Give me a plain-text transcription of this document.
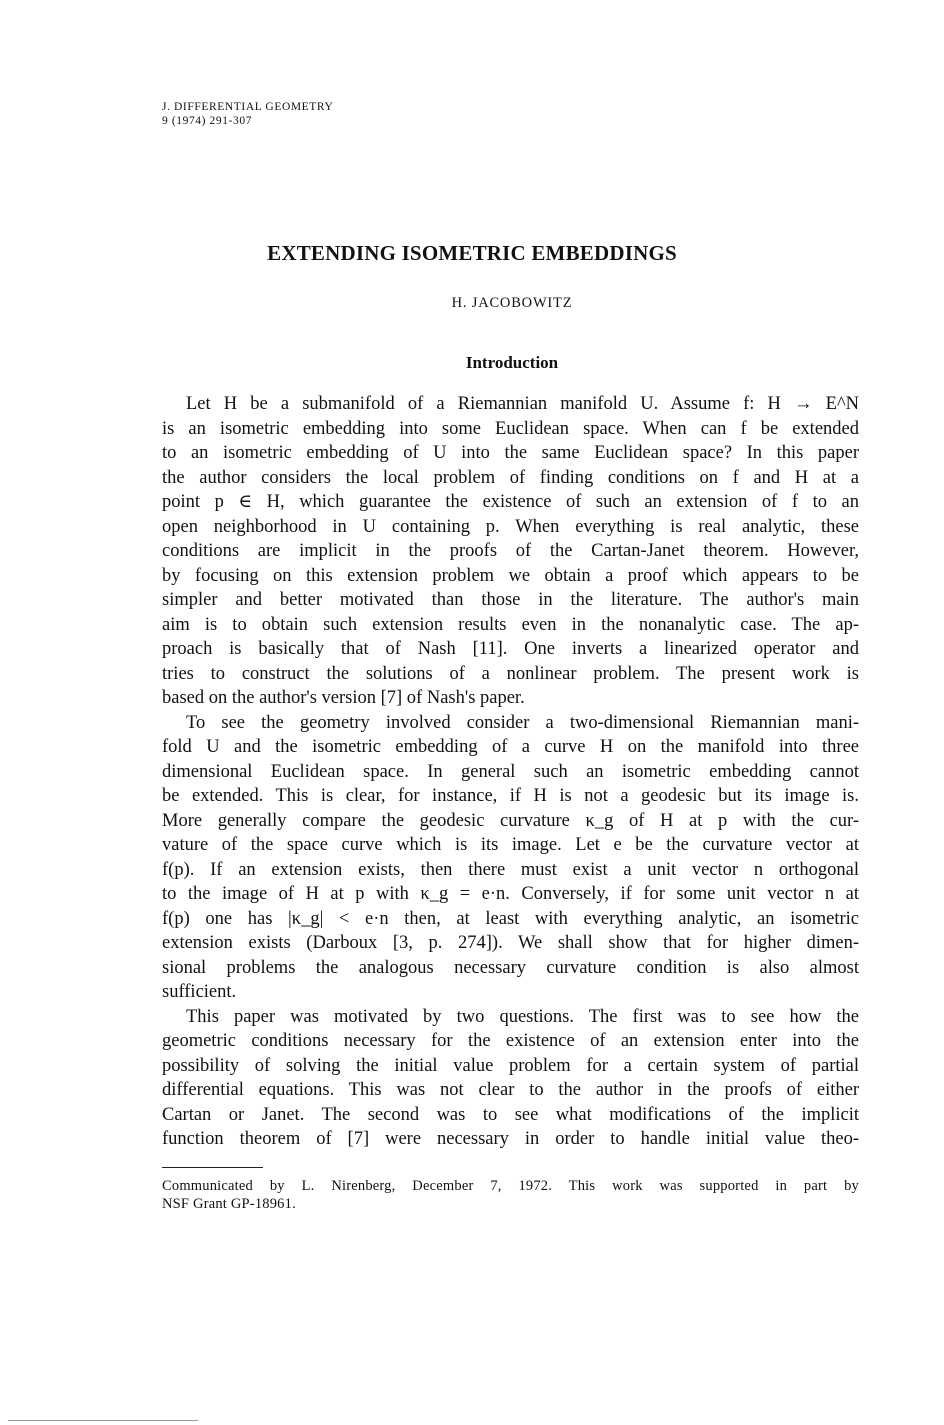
J. DIFFERENTIAL GEOMETRY
9 (1974) 291-307
EXTENDING ISOMETRIC EMBEDDINGS
H. JACOBOWITZ
Introduction
Let H be a submanifold of a Riemannian manifold U. Assume f: H → E^N
is an isometric embedding into some Euclidean space. When can f be extended
to an isometric embedding of U into the same Euclidean space? In this paper
the author considers the local problem of finding conditions on f and H at a
point p ∈ H, which guarantee the existence of such an extension of f to an
open neighborhood in U containing p. When everything is real analytic, these
conditions are implicit in the proofs of the Cartan-Janet theorem. However,
by focusing on this extension problem we obtain a proof which appears to be
simpler and better motivated than those in the literature. The author's main
aim is to obtain such extension results even in the nonanalytic case. The ap-
proach is basically that of Nash [11]. One inverts a linearized operator and
tries to construct the solutions of a nonlinear problem. The present work is
based on the author's version [7] of Nash's paper.
To see the geometry involved consider a two-dimensional Riemannian mani-
fold U and the isometric embedding of a curve H on the manifold into three
dimensional Euclidean space. In general such an isometric embedding cannot
be extended. This is clear, for instance, if H is not a geodesic but its image is.
More generally compare the geodesic curvature κ_g of H at p with the cur-
vature of the space curve which is its image. Let e be the curvature vector at
f(p). If an extension exists, then there must exist a unit vector n orthogonal
to the image of H at p with κ_g = e·n. Conversely, if for some unit vector n at
f(p) one has |κ_g| < e·n then, at least with everything analytic, an isometric
extension exists (Darboux [3, p. 274]). We shall show that for higher dimen-
sional problems the analogous necessary curvature condition is also almost
sufficient.
This paper was motivated by two questions. The first was to see how the
geometric conditions necessary for the existence of an extension enter into the
possibility of solving the initial value problem for a certain system of partial
differential equations. This was not clear to the author in the proofs of either
Cartan or Janet. The second was to see what modifications of the implicit
function theorem of [7] were necessary in order to handle initial value theo-
Communicated by L. Nirenberg, December 7, 1972. This work was supported in part by
NSF Grant GP-18961.
